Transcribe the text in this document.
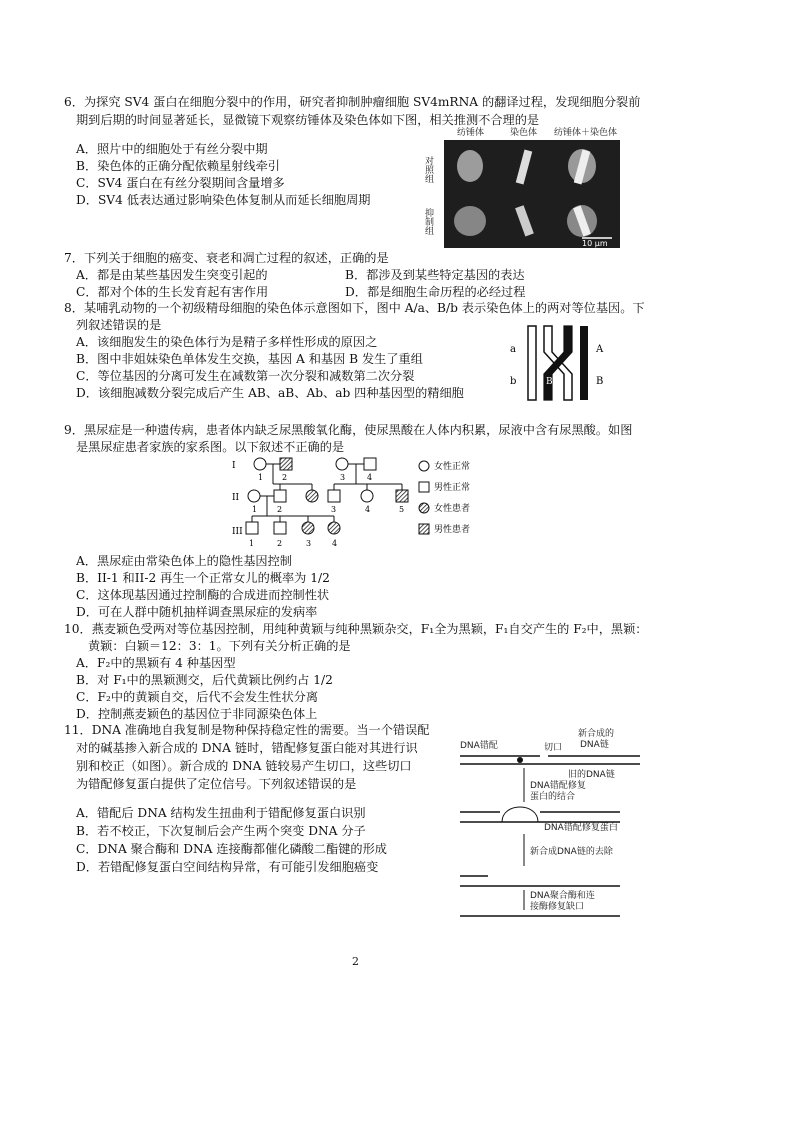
6．为探究 SV4 蛋白在细胞分裂中的作用，研究者抑制肿瘤细胞 SV4mRNA 的翻译过程，发现细胞分裂前
期到后期的时间显著延长，显微镜下观察纺锤体及染色体如下图，相关推测不合理的是
A．照片中的细胞处于有丝分裂中期
B．染色体的正确分配依赖星射线牵引
C．SV4 蛋白在有丝分裂期间含量增多
D．SV4 低表达通过影响染色体复制从而延长细胞周期
纺锤体	染色体 纺锤体＋染色体
对照组
抑制组
10 μm
7．下列关于细胞的癌变、衰老和凋亡过程的叙述，正确的是
A．都是由某些基因发生突变引起的	B．都涉及到某些特定基因的表达
C．都对个体的生长发育起有害作用	D．都是细胞生命历程的必经过程
8．某哺乳动物的一个初级精母细胞的染色体示意图如下，图中 A/a、B/b 表示染色体上的两对等位基因。下
列叙述错误的是
A．该细胞发生的染色体行为是精子多样性形成的原因之
B．图中非姐妹染色单体发生交换，基因 A 和基因 B 发生了重组
C．等位基因的分离可发生在减数第一次分裂和减数第二次分裂
D．该细胞减数分裂完成后产生 AB、aB、Ab、ab 四种基因型的精细胞
a	A
b	Bb	B
9．黑尿症是一种遗传病，患者体内缺乏尿黑酸氧化酶，使尿黑酸在人体内积累，尿液中含有尿黑酸。如图
是黑尿症患者家族的家系图。以下叙述不正确的是
I
II
III
1 2	3	4
1 2	3	4	5
1	2	3	4
女性正常
男性正常
女性患者
男性患者
A．黑尿症由常染色体上的隐性基因控制
B．II-1 和II-2 再生一个正常女儿的概率为 1/2
C．这体现基因通过控制酶的合成进而控制性状
D．可在人群中随机抽样调查黑尿症的发病率
10．燕麦颖色受两对等位基因控制，用纯种黄颖与纯种黑颖杂交，F₁全为黑颖，F₁自交产生的 F₂中，黑颖：
黄颖：白颖＝12：3：1。下列有关分析正确的是
A．F₂中的黑颖有 4 种基因型
B．对 F₁中的黑颖测交，后代黄颖比例约占 1/2
C．F₂中的黄颖自交，后代不会发生性状分离
D．控制燕麦颖色的基因位于非同源染色体上
11．DNA 准确地自我复制是物种保持稳定性的需要。当一个错误配
对的碱基掺入新合成的 DNA 链时，错配修复蛋白能对其进行识
别和校正（如图）。新合成的 DNA 链较易产生切口，这些切口
为错配修复蛋白提供了定位信号。下列叙述错误的是
A．错配后 DNA 结构发生扭曲利于错配修复蛋白识别
B．若不校正，下次复制后会产生两个突变 DNA 分子
C．DNA 聚合酶和 DNA 连接酶都催化磷酸二酯键的形成
D．若错配修复蛋白空间结构异常，有可能引发细胞癌变
新合成的
DNA链
DNA错配	切口
旧的DNA链
DNA错配修复
蛋白的结合
DNA错配修复蛋白
新合成DNA链的去除
DNA聚合酶和连
接酶修复缺口
2
